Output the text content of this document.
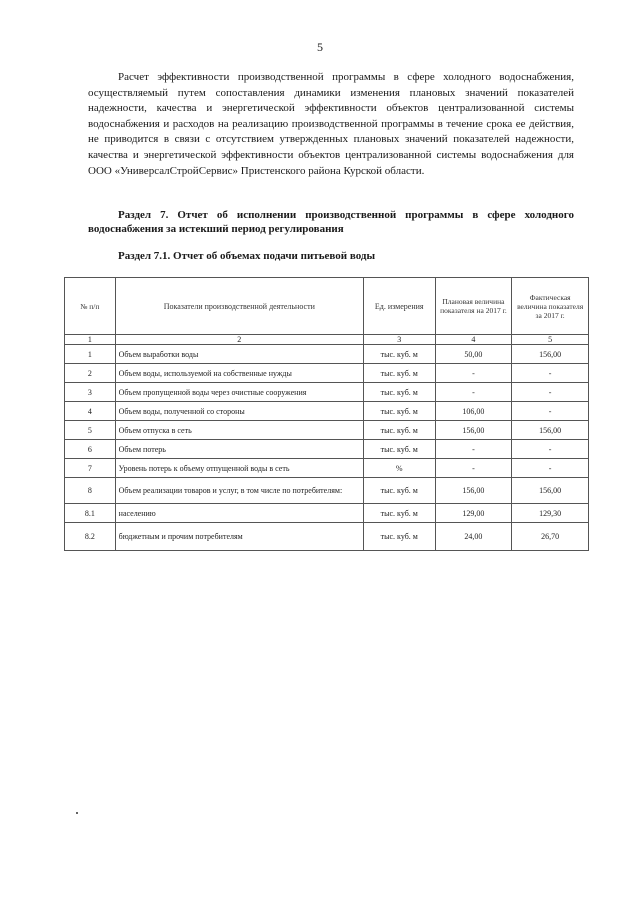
5

Расчет эффективности производственной программы в сфере холодного водоснабжения, осуществляемый путем сопоставления динамики изменения плановых значений показателей надежности, качества и энергетической эффективности объектов централизованной системы водоснабжения и расходов на реализацию производственной программы в течение срока ее действия, не приводится в связи с отсутствием утвержденных плановых значений показателей надежности, качества и энергетической эффективности объектов централизованной системы водоснабжения для ООО «УниверсалСтройСервис» Пристенского района Курской области.

Раздел 7. Отчет об исполнении производственной программы в сфере холодного водоснабжения за истекший период регулирования

Раздел 7.1. Отчет об объемах подачи питьевой воды

№ п/п	Показатели производственной деятельности	Ед. измерения	Плановая величина показателя на 2017 г.	Фактическая величина показателя за 2017 г.
1	2	3	4	5
1	Объем выработки воды	тыс. куб. м	50,00	156,00
2	Объем воды, используемой на собственные нужды	тыс. куб. м	-	-
3	Объем пропущенной воды через очистные сооружения	тыс. куб. м	-	-
4	Объем воды, полученной со стороны	тыс. куб. м	106,00	-
5	Объем отпуска в сеть	тыс. куб. м	156,00	156,00
6	Объем потерь	тыс. куб. м	-	-
7	Уровень потерь к объему отпущенной воды в сеть	%	-	-
8	Объем реализации товаров и услуг, в том числе по потребителям:	тыс. куб. м	156,00	156,00
8.1	населению	тыс. куб. м	129,00	129,30
8.2	бюджетным и прочим потребителям	тыс. куб. м	24,00	26,70
